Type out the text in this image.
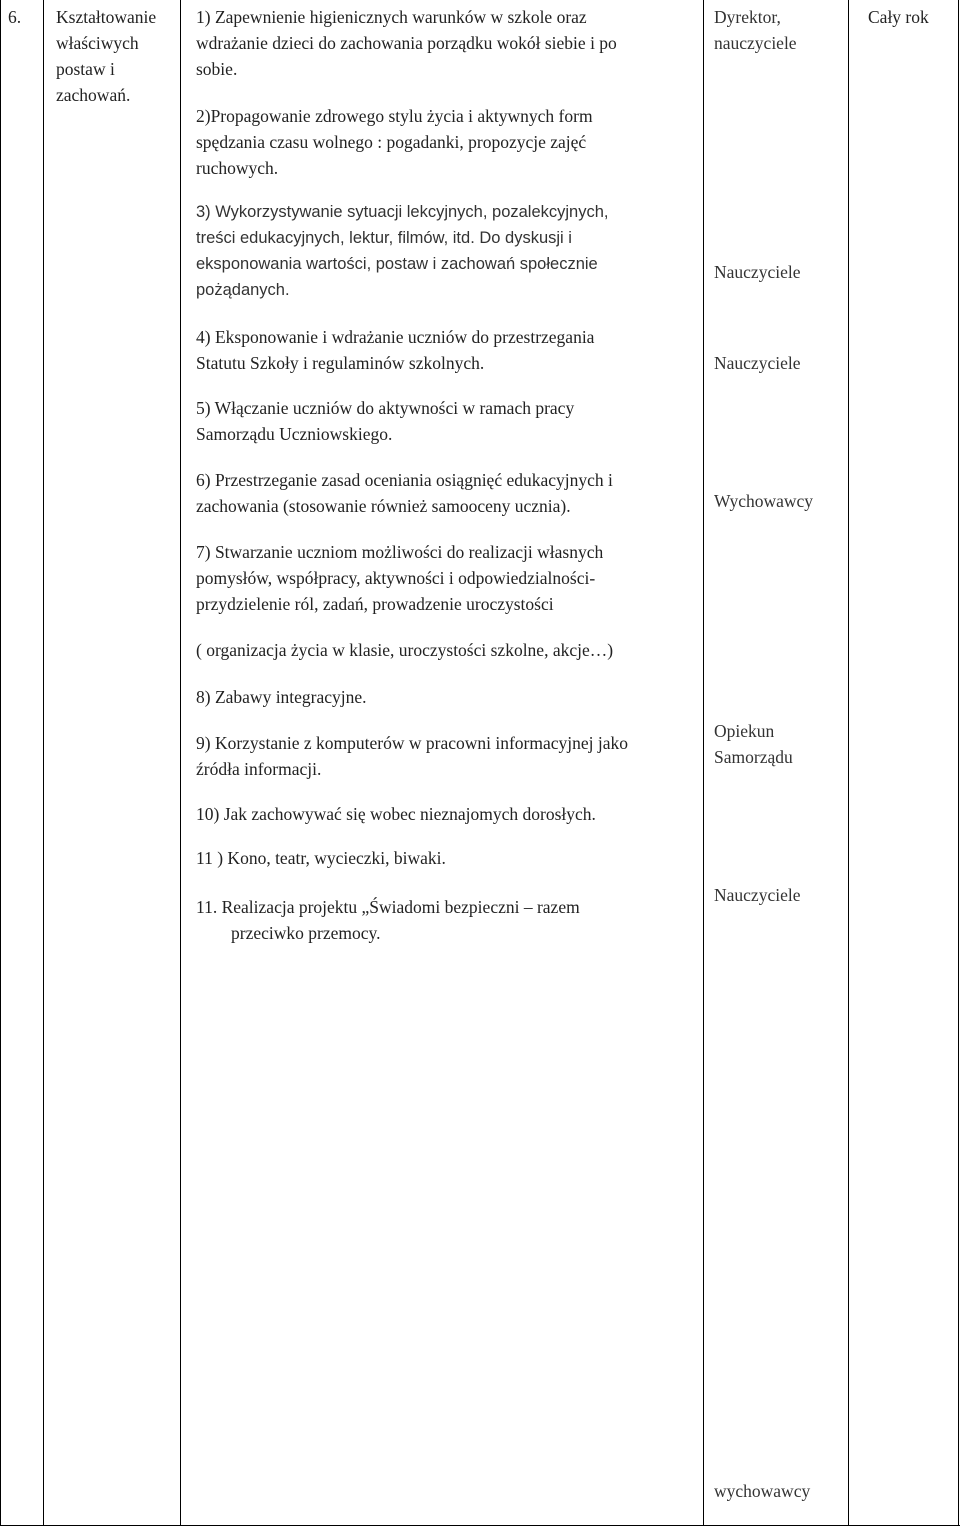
6. Kształtowanie
właściwych
postaw i
zachowań.
1) Zapewnienie higienicznych warunków w szkole oraz
wdrażanie dzieci do zachowania porządku wokół siebie i po
sobie.
2)Propagowanie zdrowego stylu życia i aktywnych form
spędzania czasu wolnego : pogadanki, propozycje zajęć
ruchowych.
3) Wykorzystywanie sytuacji lekcyjnych, pozalekcyjnych,
treści edukacyjnych, lektur, filmów, itd. Do dyskusji i
eksponowania wartości, postaw i zachowań społecznie
pożądanych.
4) Eksponowanie i wdrażanie uczniów do przestrzegania
Statutu Szkoły i regulaminów szkolnych.
5) Włączanie uczniów do aktywności w ramach pracy
Samorządu Uczniowskiego.
6) Przestrzeganie zasad oceniania osiągnięć edukacyjnych i
zachowania (stosowanie również samooceny ucznia).
7) Stwarzanie uczniom możliwości do realizacji własnych
pomysłów, współpracy, aktywności i odpowiedzialności-
przydzielenie ról, zadań, prowadzenie uroczystości
( organizacja życia w klasie, uroczystości szkolne, akcje…)
8) Zabawy integracyjne.
9) Korzystanie z komputerów w pracowni informacyjnej jako
źródła informacji.
10) Jak zachowywać się wobec nieznajomych dorosłych.
11 ) Kono, teatr, wycieczki, biwaki.
11. Realizacja projektu „Świadomi bezpieczni – razem
przeciwko przemocy.
Dyrektor,
nauczyciele
Nauczyciele
Nauczyciele
Wychowawcy
Opiekun
Samorządu
Nauczyciele
wychowawcy
Cały rok
